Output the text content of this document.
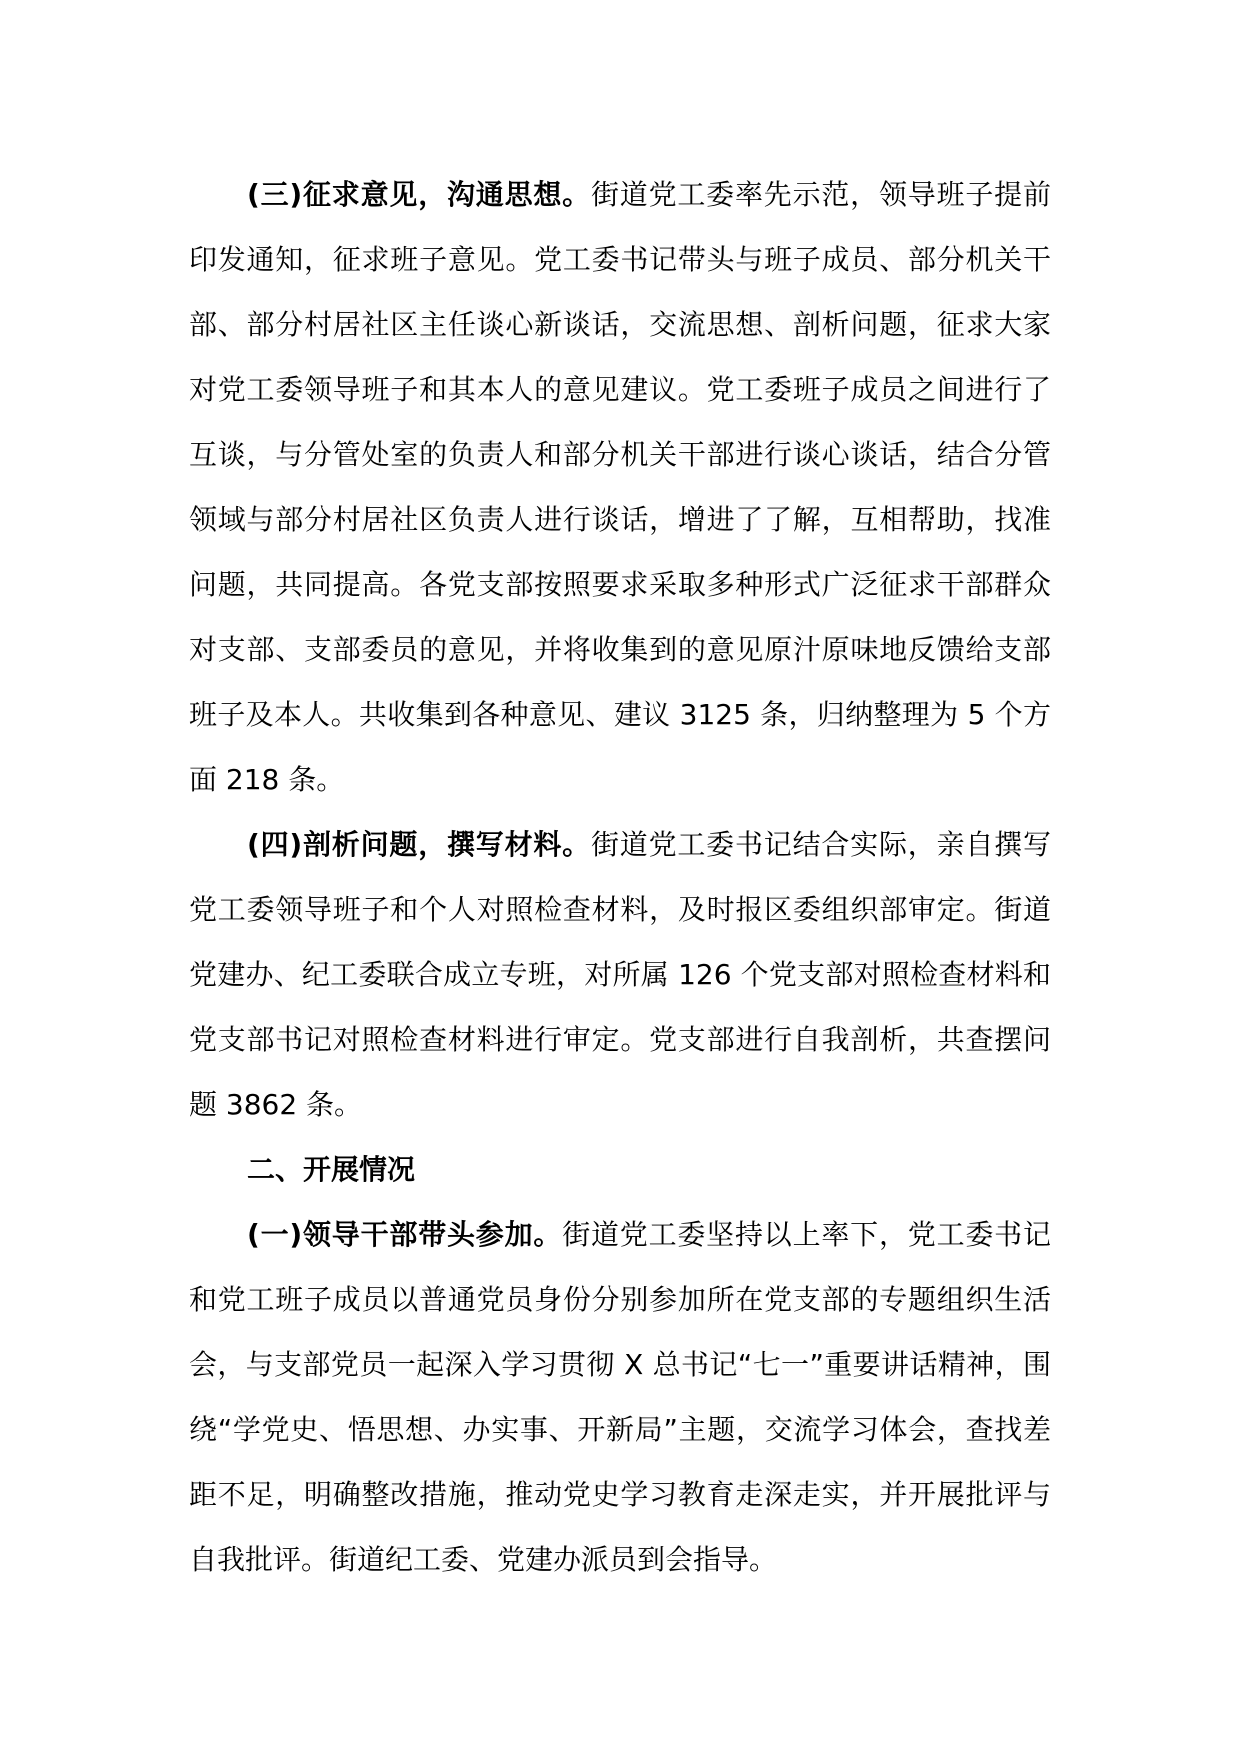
(三)征求意见，沟通思想。街道党工委率先示范，领导班子提前印发通知，征求班子意见。党工委书记带头与班子成员、部分机关干部、部分村居社区主任谈心新谈话，交流思想、剖析问题，征求大家对党工委领导班子和其本人的意见建议。党工委班子成员之间进行了互谈，与分管处室的负责人和部分机关干部进行谈心谈话，结合分管领域与部分村居社区负责人进行谈话，增进了了解，互相帮助，找准问题，共同提高。各党支部按照要求采取多种形式广泛征求干部群众对支部、支部委员的意见，并将收集到的意见原汁原味地反馈给支部班子及本人。共收集到各种意见、建议 3125 条，归纳整理为 5 个方面 218 条。

(四)剖析问题，撰写材料。街道党工委书记结合实际，亲自撰写党工委领导班子和个人对照检查材料，及时报区委组织部审定。街道党建办、纪工委联合成立专班，对所属 126 个党支部对照检查材料和党支部书记对照检查材料进行审定。党支部进行自我剖析，共查摆问题 3862 条。

二、开展情况

(一)领导干部带头参加。街道党工委坚持以上率下，党工委书记和党工班子成员以普通党员身份分别参加所在党支部的专题组织生活会，与支部党员一起深入学习贯彻 X 总书记“七一”重要讲话精神，围绕“学党史、悟思想、办实事、开新局”主题，交流学习体会，查找差距不足，明确整改措施，推动党史学习教育走深走实，并开展批评与自我批评。街道纪工委、党建办派员到会指导。
